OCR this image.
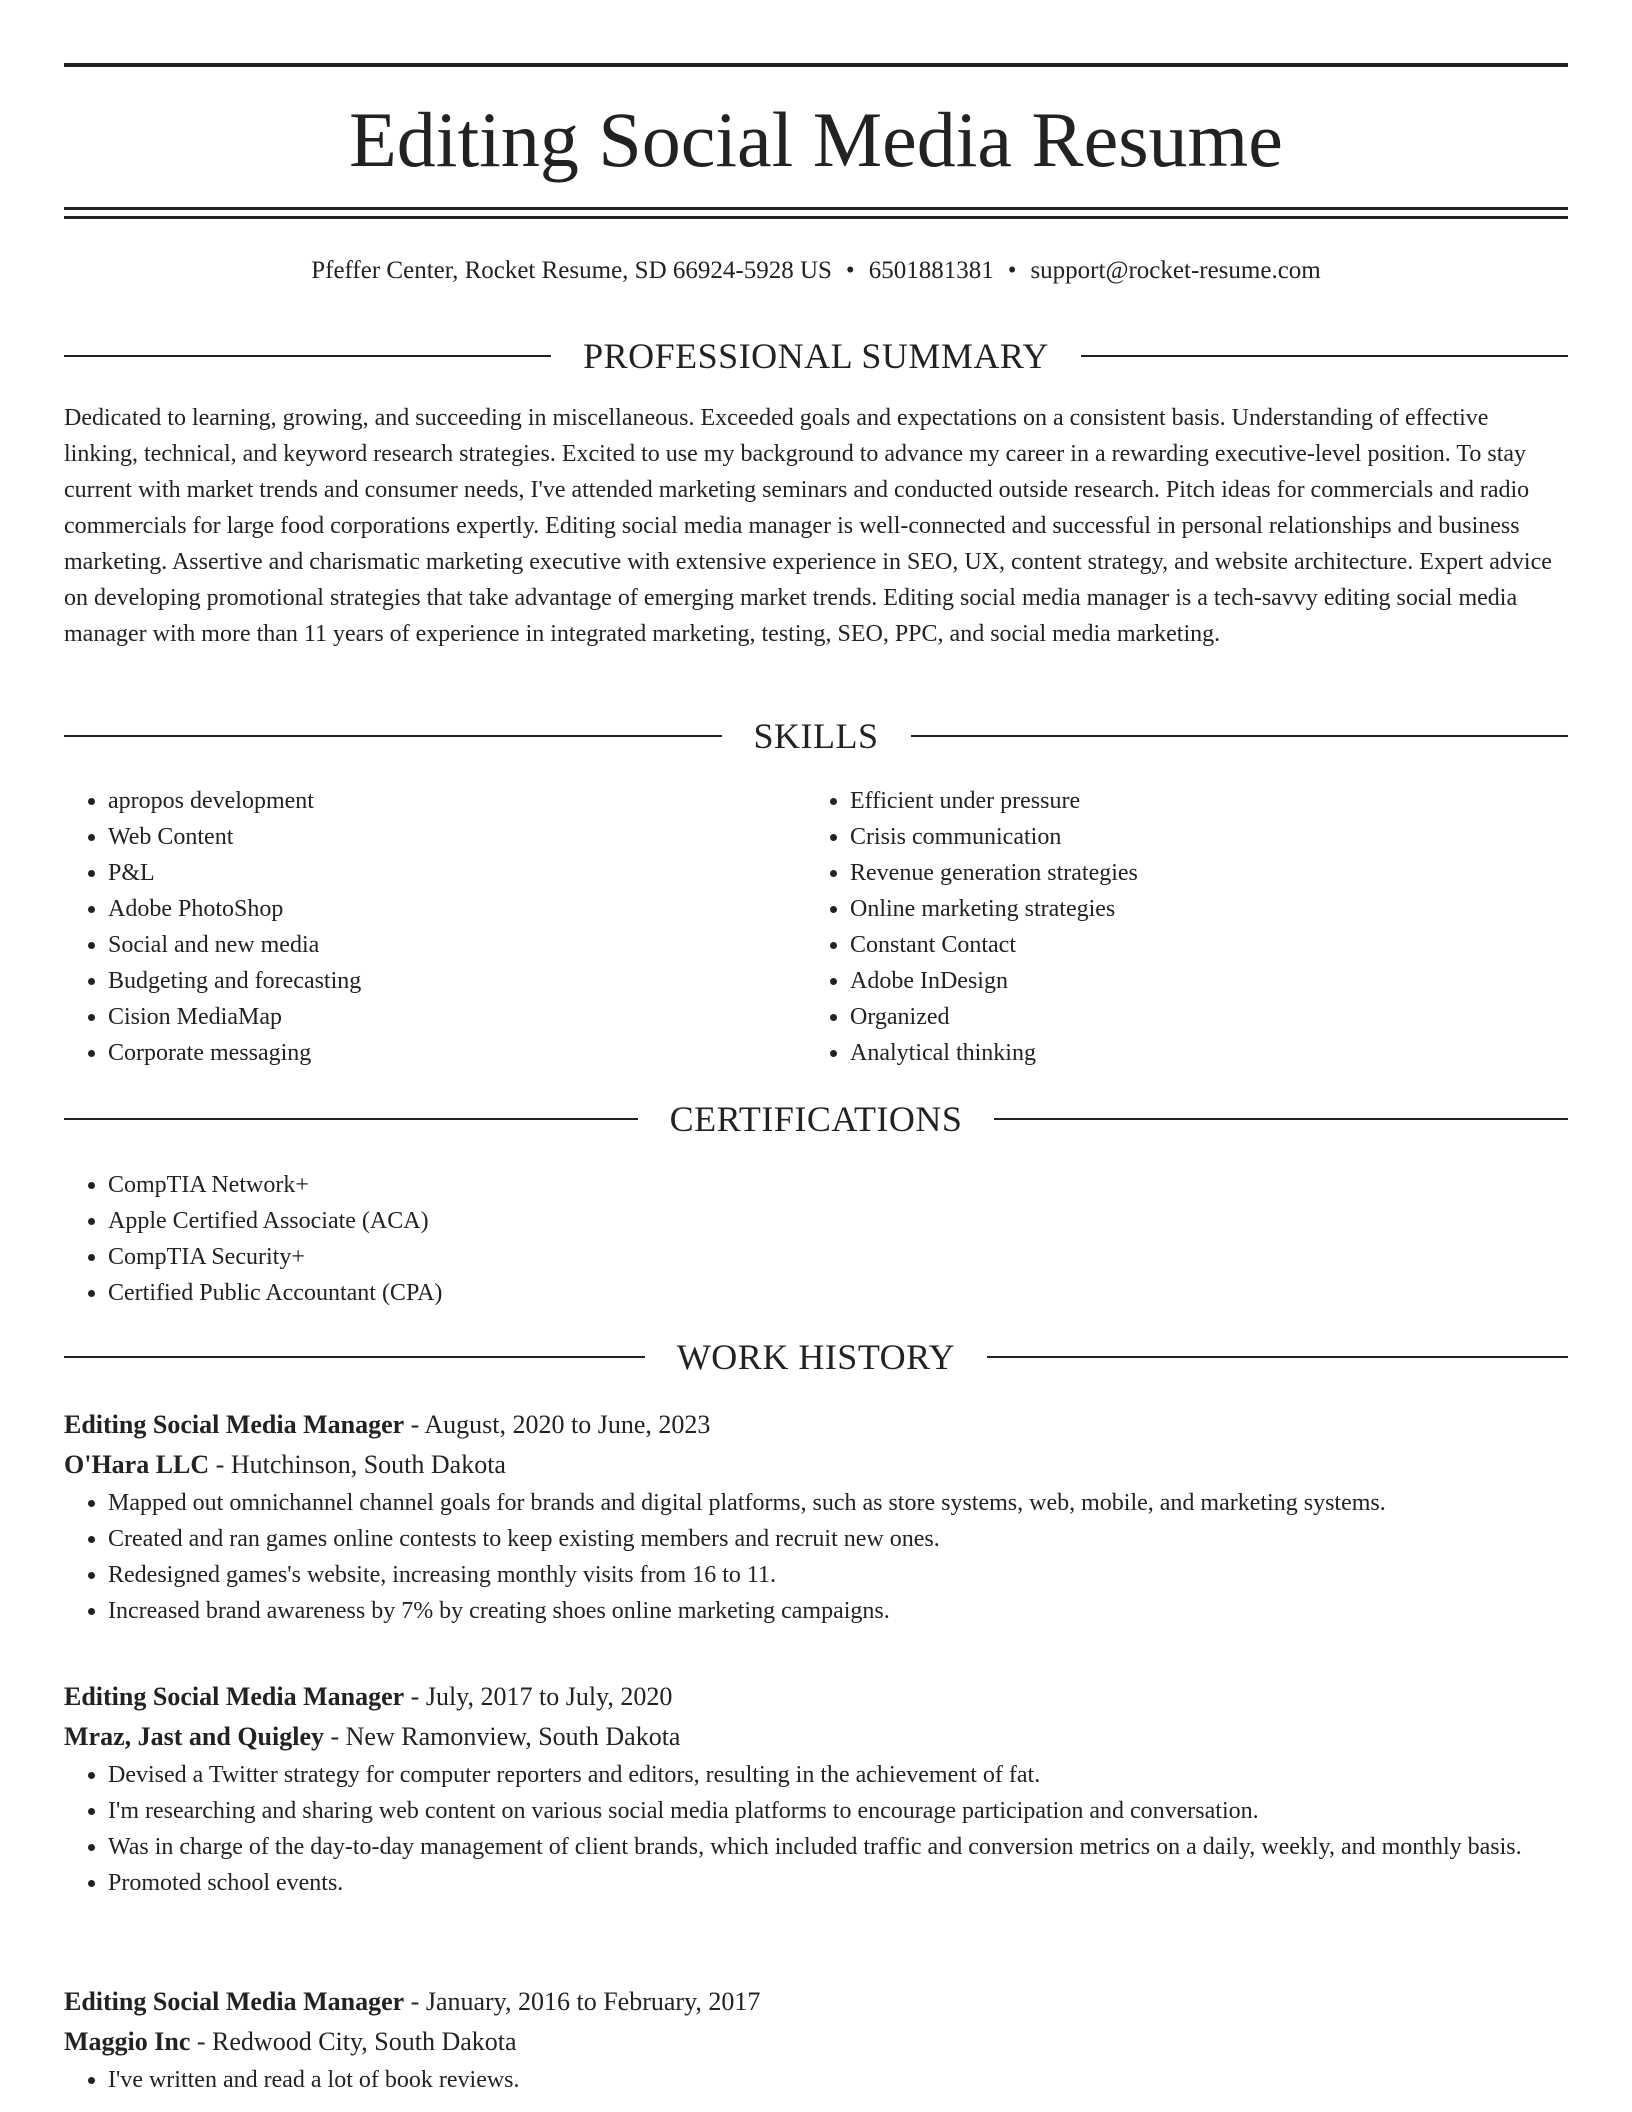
Editing Social Media Resume
Pfeffer Center, Rocket Resume, SD 66924-5928 US • 6501881381 • support@rocket-resume.com
PROFESSIONAL SUMMARY

Dedicated to learning, growing, and succeeding in miscellaneous. Exceeded goals and expectations on a consistent basis. Understanding of effective linking, technical, and keyword research strategies. Excited to use my background to advance my career in a rewarding executive-level position. To stay current with market trends and consumer needs, I've attended marketing seminars and conducted outside research. Pitch ideas for commercials and radio commercials for large food corporations expertly. Editing social media manager is well-connected and successful in personal relationships and business marketing. Assertive and charismatic marketing executive with extensive experience in SEO, UX, content strategy, and website architecture. Expert advice on developing promotional strategies that take advantage of emerging market trends. Editing social media manager is a tech-savvy editing social media manager with more than 11 years of experience in integrated marketing, testing, SEO, PPC, and social media marketing.

SKILLS
• apropos development
• Web Content
• P&L
• Adobe PhotoShop
• Social and new media
• Budgeting and forecasting
• Cision MediaMap
• Corporate messaging
• Efficient under pressure
• Crisis communication
• Revenue generation strategies
• Online marketing strategies
• Constant Contact
• Adobe InDesign
• Organized
• Analytical thinking
CERTIFICATIONS
• CompTIA Network+
• Apple Certified Associate (ACA)
• CompTIA Security+
• Certified Public Accountant (CPA)
WORK HISTORY
Editing Social Media Manager - August, 2020 to June, 2023
O'Hara LLC - Hutchinson, South Dakota
• Mapped out omnichannel channel goals for brands and digital platforms, such as store systems, web, mobile, and marketing systems.
• Created and ran games online contests to keep existing members and recruit new ones.
• Redesigned games's website, increasing monthly visits from 16 to 11.
• Increased brand awareness by 7% by creating shoes online marketing campaigns.
Editing Social Media Manager - July, 2017 to July, 2020
Mraz, Jast and Quigley - New Ramonview, South Dakota
• Devised a Twitter strategy for computer reporters and editors, resulting in the achievement of fat.
• I'm researching and sharing web content on various social media platforms to encourage participation and conversation.
• Was in charge of the day-to-day management of client brands, which included traffic and conversion metrics on a daily, weekly, and monthly basis.
• Promoted school events.
Editing Social Media Manager - January, 2016 to February, 2017
Maggio Inc - Redwood City, South Dakota
• I've written and read a lot of book reviews.
